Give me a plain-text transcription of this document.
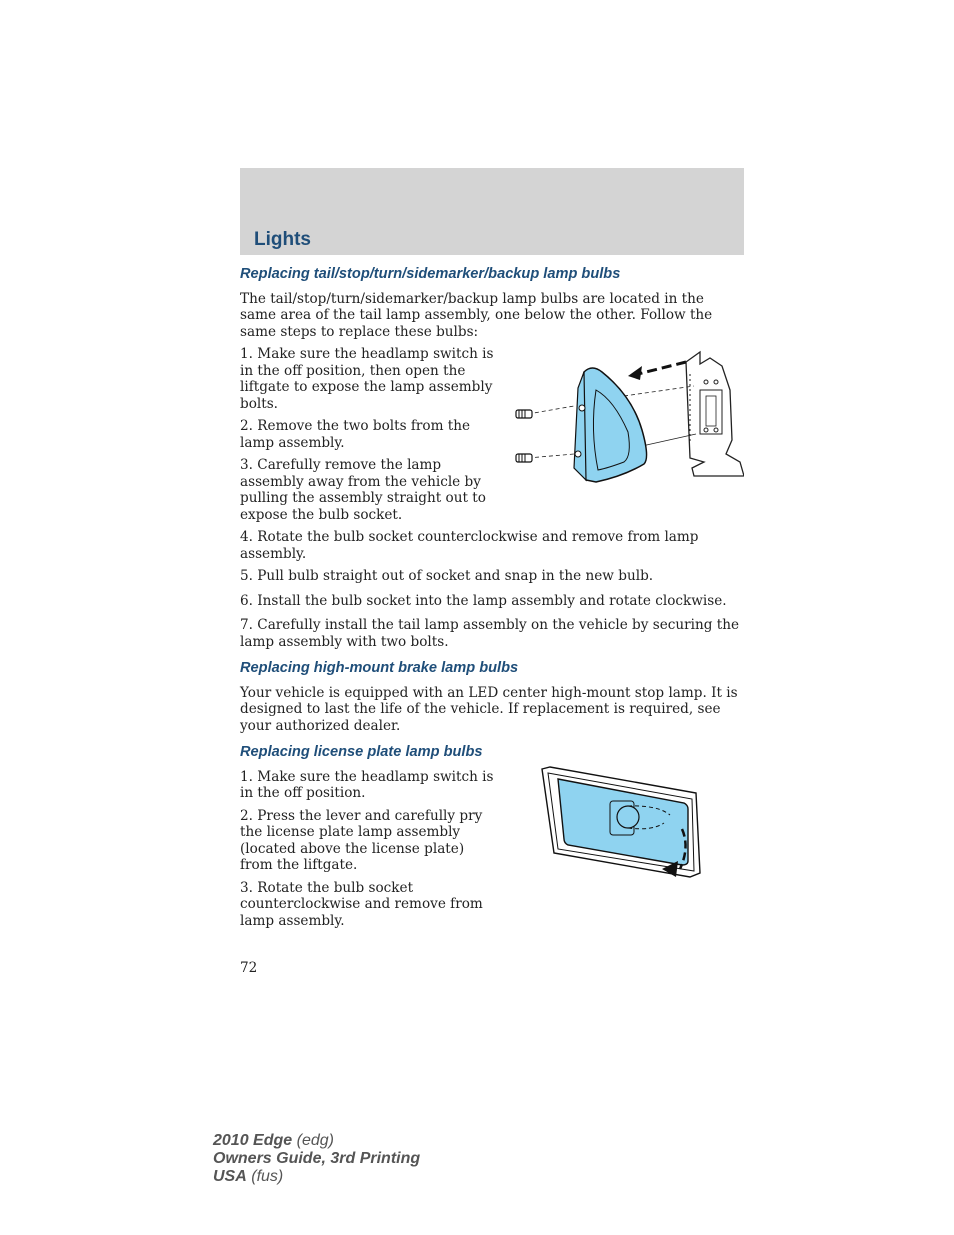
Lights
Replacing tail/stop/turn/sidemarker/backup lamp bulbs

The tail/stop/turn/sidemarker/backup lamp bulbs are located in the same area of the tail lamp assembly, one below the other. Follow the same steps to replace these bulbs:

1. Make sure the headlamp switch is in the off position, then open the liftgate to expose the lamp assembly bolts.

2. Remove the two bolts from the lamp assembly.

3. Carefully remove the lamp assembly away from the vehicle by pulling the assembly straight out to expose the bulb socket.

4. Rotate the bulb socket counterclockwise and remove from lamp assembly.

5. Pull bulb straight out of socket and snap in the new bulb.

6. Install the bulb socket into the lamp assembly and rotate clockwise.

7. Carefully install the tail lamp assembly on the vehicle by securing the lamp assembly with two bolts.

Replacing high-mount brake lamp bulbs

Your vehicle is equipped with an LED center high-mount stop lamp. It is designed to last the life of the vehicle. If replacement is required, see your authorized dealer.

Replacing license plate lamp bulbs

1. Make sure the headlamp switch is in the off position.

2. Press the lever and carefully pry the license plate lamp assembly (located above the license plate) from the liftgate.

3. Rotate the bulb socket counterclockwise and remove from lamp assembly.

72
2010 Edge (edg)
Owners Guide, 3rd Printing
USA (fus)
